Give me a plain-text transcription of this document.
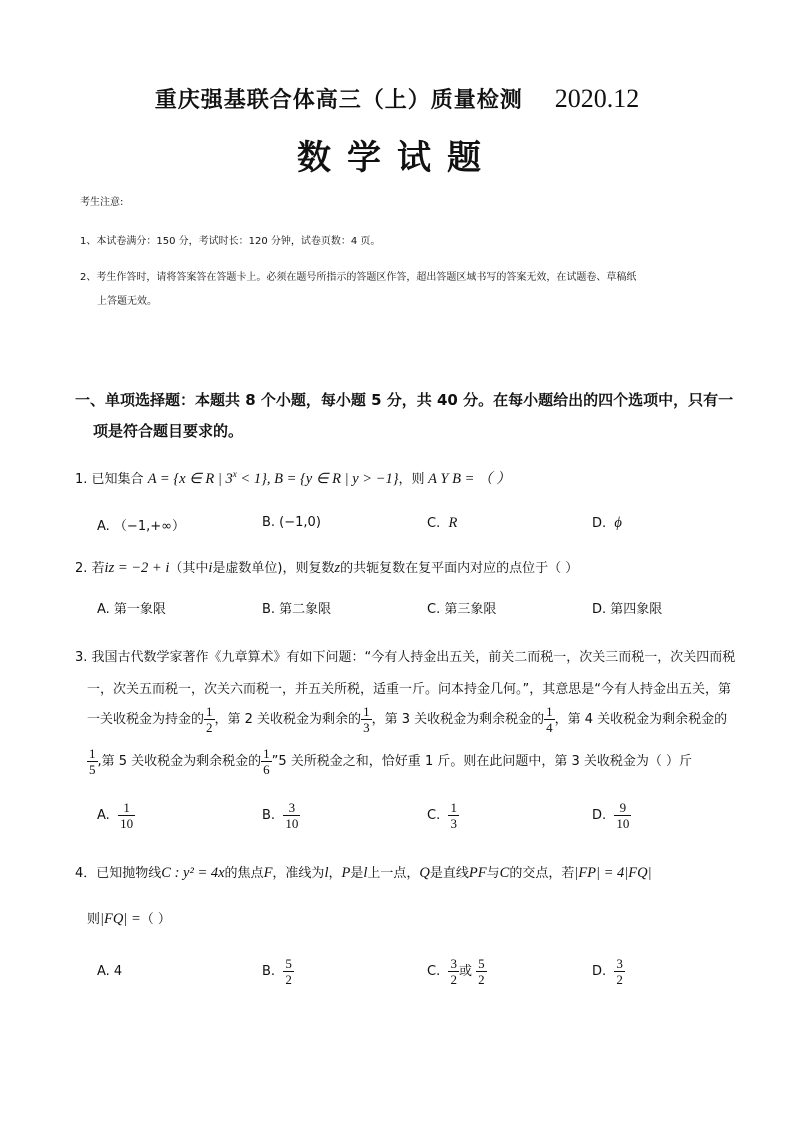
重庆强基联合体高三（上）质量检测 2020.12
数学试题
考生注意:
1、本试卷满分：150 分，考试时长：120 分钟，试卷页数：4 页。
2、考生作答时，请将答案答在答题卡上。必须在题号所指示的答题区作答，超出答题区域书写的答案无效，在试题卷、草稿纸
上答题无效。
一、单项选择题：本题共 8 个小题，每小题 5 分，共 40 分。在每小题给出的四个选项中，只有一
项是符合题目要求的。
1. 已知集合 A = {x ∈ R | $3^x < 1$}, B = {y ∈ R | y > −1}，则 A Y B = （ ）
A. （−1,+∞）	B. (−1,0)	C. R	D. ϕ
2. 若iz = −2 + i（其中i是虚数单位)，则复数z的共轭复数在复平面内对应的点位于（ ）
A. 第一象限	B. 第二象限	C. 第三象限	D. 第四象限
3. 我国古代数学家著作《九章算术》有如下问题：“今有人持金出五关，前关二而税一，次关三而税一，次关四而税
一，次关五而税一，次关六而税一，并五关所税，适重一斤。问本持金几何。”，其意思是“今有人持金出五关，第
一关收税金为持金的 $\frac{1}{2}$ ，第 2 关收税金为剩余的 $\frac{1}{3}$ ，第 3 关收税金为剩余税金的 $\frac{1}{4}$ ，第 4 关收税金为剩余税金的
$\frac{1}{5}$ ,第 5 关收税金为剩余税金的 $\frac{1}{6}$ ”5 关所税金之和，恰好重 1 斤。则在此问题中，第 3 关收税金为（ ）斤
A. $\frac{1}{10}$	B. $\frac{3}{10}$	C. $\frac{1}{3}$	D. $\frac{9}{10}$
4．已知抛物线C : y² = 4x的焦点F，准线为l，P是l上一点，Q是直线PF与C的交点，若|FP| = 4|FQ|
则|FQ| =（ ）
A. 4	B. $\frac{5}{2}$	C. $\frac{3}{2}$ 或 $\frac{5}{2}$	D. $\frac{3}{2}$
